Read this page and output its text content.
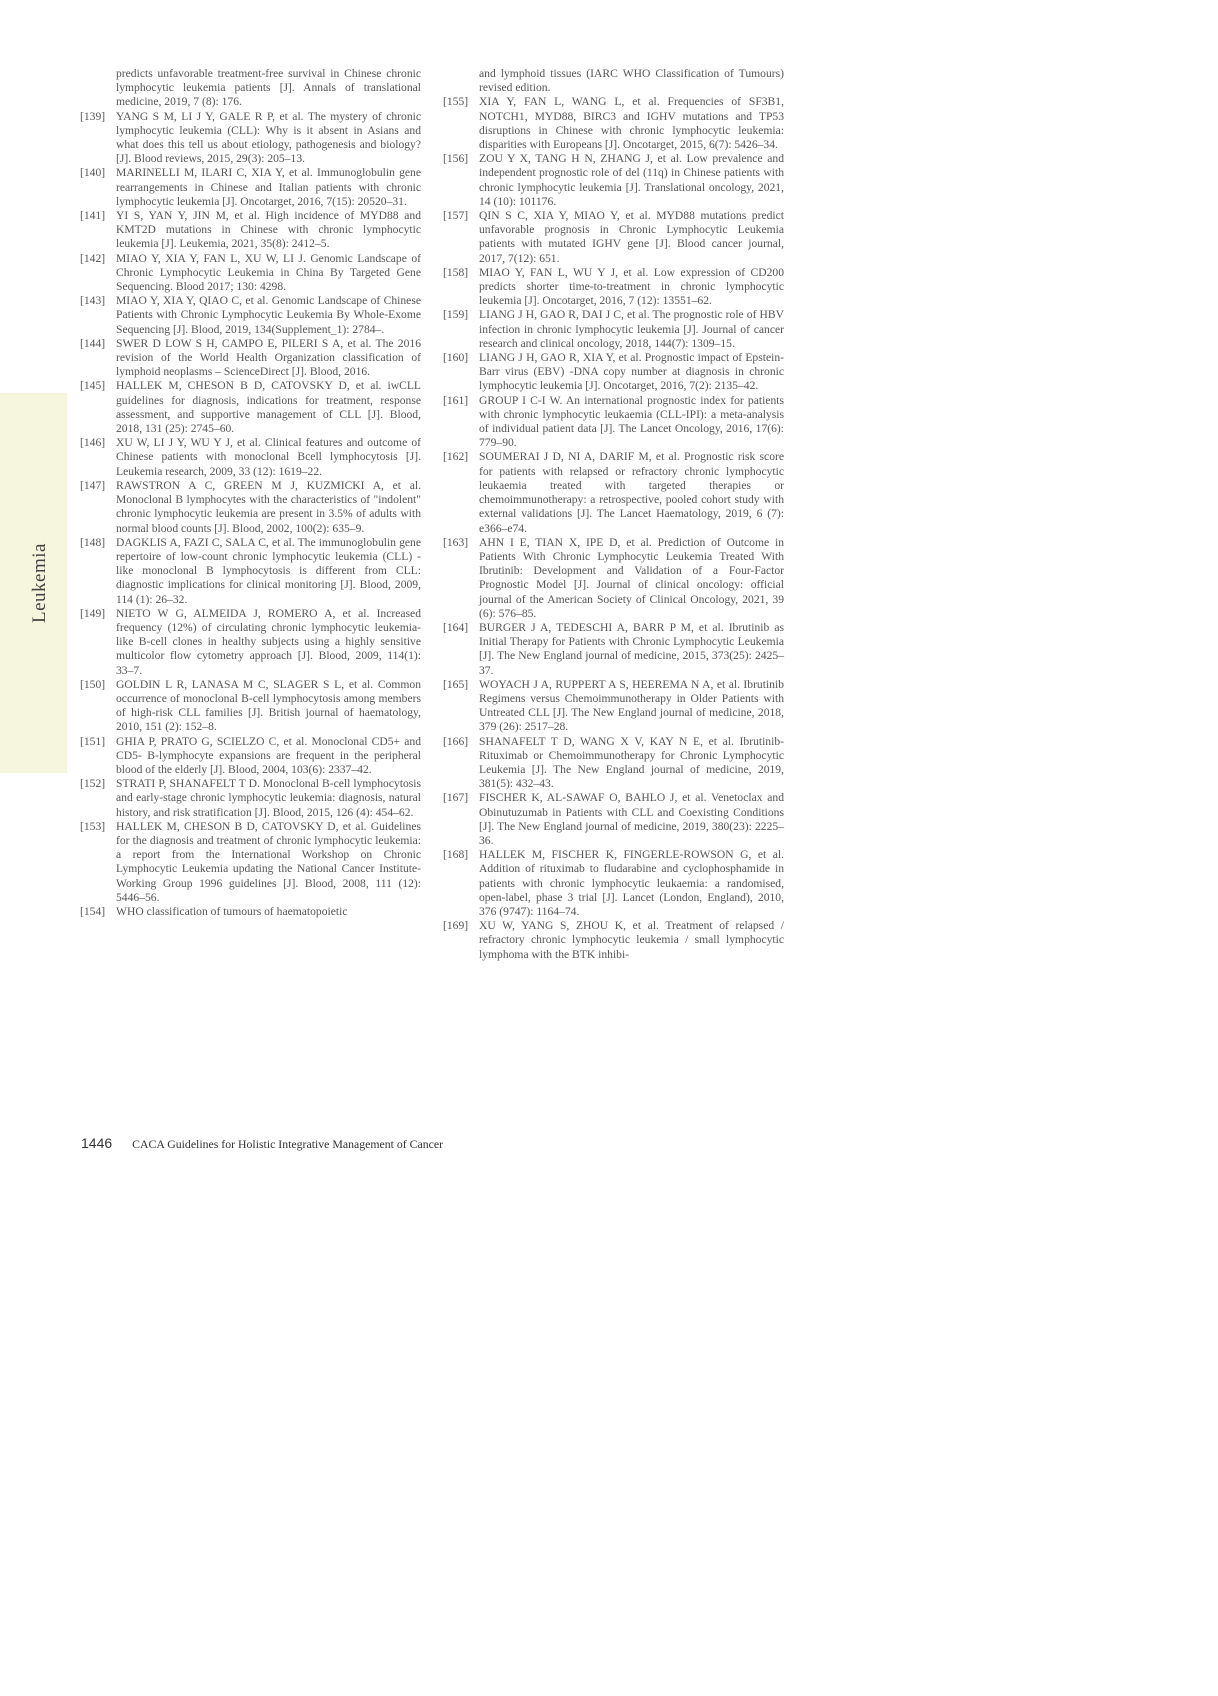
Leukemia
predicts unfavorable treatment-free survival in Chinese chronic lymphocytic leukemia patients [J]. Annals of translational medicine, 2019, 7 (8): 176.
[139] YANG S M, LI J Y, GALE R P, et al. The mystery of chronic lymphocytic leukemia (CLL): Why is it absent in Asians and what does this tell us about etiology, pathogenesis and biology? [J]. Blood reviews, 2015, 29(3): 205–13.
[140] MARINELLI M, ILARI C, XIA Y, et al. Immunoglobulin gene rearrangements in Chinese and Italian patients with chronic lymphocytic leukemia [J]. Oncotarget, 2016, 7(15): 20520–31.
[141] YI S, YAN Y, JIN M, et al. High incidence of MYD88 and KMT2D mutations in Chinese with chronic lymphocytic leukemia [J]. Leukemia, 2021, 35(8): 2412–5.
[142] MIAO Y, XIA Y, FAN L, XU W, LI J. Genomic Landscape of Chronic Lymphocytic Leukemia in China By Targeted Gene Sequencing. Blood 2017; 130: 4298.
[143] MIAO Y, XIA Y, QIAO C, et al. Genomic Landscape of Chinese Patients with Chronic Lymphocytic Leukemia By Whole-Exome Sequencing [J]. Blood, 2019, 134(Supplement_1): 2784–.
[144] SWER D LOW S H, CAMPO E, PILERI S A, et al. The 2016 revision of the World Health Organization classification of lymphoid neoplasms – ScienceDirect [J]. Blood, 2016.
[145] HALLEK M, CHESON B D, CATOVSKY D, et al. iwCLL guidelines for diagnosis, indications for treatment, response assessment, and supportive management of CLL [J]. Blood, 2018, 131 (25): 2745–60.
[146] XU W, LI J Y, WU Y J, et al. Clinical features and outcome of Chinese patients with monoclonal Bcell lymphocytosis [J]. Leukemia research, 2009, 33 (12): 1619–22.
[147] RAWSTRON A C, GREEN M J, KUZMICKI A, et al. Monoclonal B lymphocytes with the characteristics of "indolent" chronic lymphocytic leukemia are present in 3.5% of adults with normal blood counts [J]. Blood, 2002, 100(2): 635–9.
[148] DAGKLIS A, FAZI C, SALA C, et al. The immunoglobulin gene repertoire of low-count chronic lymphocytic leukemia (CLL) -like monoclonal B lymphocytosis is different from CLL: diagnostic implications for clinical monitoring [J]. Blood, 2009, 114 (1): 26–32.
[149] NIETO W G, ALMEIDA J, ROMERO A, et al. Increased frequency (12%) of circulating chronic lymphocytic leukemia-like B-cell clones in healthy subjects using a highly sensitive multicolor flow cytometry approach [J]. Blood, 2009, 114(1): 33–7.
[150] GOLDIN L R, LANASA M C, SLAGER S L, et al. Common occurrence of monoclonal B-cell lymphocytosis among members of high-risk CLL families [J]. British journal of haematology, 2010, 151 (2): 152–8.
[151] GHIA P, PRATO G, SCIELZO C, et al. Monoclonal CD5+ and CD5- B-lymphocyte expansions are frequent in the peripheral blood of the elderly [J]. Blood, 2004, 103(6): 2337–42.
[152] STRATI P, SHANAFELT T D. Monoclonal B-cell lymphocytosis and early-stage chronic lymphocytic leukemia: diagnosis, natural history, and risk stratification [J]. Blood, 2015, 126 (4): 454–62.
[153] HALLEK M, CHESON B D, CATOVSKY D, et al. Guidelines for the diagnosis and treatment of chronic lymphocytic leukemia: a report from the International Workshop on Chronic Lymphocytic Leukemia updating the National Cancer Institute-Working Group 1996 guidelines [J]. Blood, 2008, 111 (12): 5446–56.
[154] WHO classification of tumours of haematopoietic
and lymphoid tissues (IARC WHO Classification of Tumours) revised edition.
[155] XIA Y, FAN L, WANG L, et al. Frequencies of SF3B1, NOTCH1, MYD88, BIRC3 and IGHV mutations and TP53 disruptions in Chinese with chronic lymphocytic leukemia: disparities with Europeans [J]. Oncotarget, 2015, 6(7): 5426–34.
[156] ZOU Y X, TANG H N, ZHANG J, et al. Low prevalence and independent prognostic role of del (11q) in Chinese patients with chronic lymphocytic leukemia [J]. Translational oncology, 2021, 14 (10): 101176.
[157] QIN S C, XIA Y, MIAO Y, et al. MYD88 mutations predict unfavorable prognosis in Chronic Lymphocytic Leukemia patients with mutated IGHV gene [J]. Blood cancer journal, 2017, 7(12): 651.
[158] MIAO Y, FAN L, WU Y J, et al. Low expression of CD200 predicts shorter time-to-treatment in chronic lymphocytic leukemia [J]. Oncotarget, 2016, 7 (12): 13551–62.
[159] LIANG J H, GAO R, DAI J C, et al. The prognostic role of HBV infection in chronic lymphocytic leukemia [J]. Journal of cancer research and clinical oncology, 2018, 144(7): 1309–15.
[160] LIANG J H, GAO R, XIA Y, et al. Prognostic impact of Epstein-Barr virus (EBV) -DNA copy number at diagnosis in chronic lymphocytic leukemia [J]. Oncotarget, 2016, 7(2): 2135–42.
[161] GROUP I C-I W. An international prognostic index for patients with chronic lymphocytic leukaemia (CLL-IPI): a meta-analysis of individual patient data [J]. The Lancet Oncology, 2016, 17(6): 779–90.
[162] SOUMERAI J D, NI A, DARIF M, et al. Prognostic risk score for patients with relapsed or refractory chronic lymphocytic leukaemia treated with targeted therapies or chemoimmunotherapy: a retrospective, pooled cohort study with external validations [J]. The Lancet Haematology, 2019, 6 (7): e366–e74.
[163] AHN I E, TIAN X, IPE D, et al. Prediction of Outcome in Patients With Chronic Lymphocytic Leukemia Treated With Ibrutinib: Development and Validation of a Four-Factor Prognostic Model [J]. Journal of clinical oncology: official journal of the American Society of Clinical Oncology, 2021, 39 (6): 576–85.
[164] BURGER J A, TEDESCHI A, BARR P M, et al. Ibrutinib as Initial Therapy for Patients with Chronic Lymphocytic Leukemia [J]. The New England journal of medicine, 2015, 373(25): 2425–37.
[165] WOYACH J A, RUPPERT A S, HEEREMA N A, et al. Ibrutinib Regimens versus Chemoimmunotherapy in Older Patients with Untreated CLL [J]. The New England journal of medicine, 2018, 379 (26): 2517–28.
[166] SHANAFELT T D, WANG X V, KAY N E, et al. Ibrutinib-Rituximab or Chemoimmunotherapy for Chronic Lymphocytic Leukemia [J]. The New England journal of medicine, 2019, 381(5): 432–43.
[167] FISCHER K, AL-SAWAF O, BAHLO J, et al. Venetoclax and Obinutuzumab in Patients with CLL and Coexisting Conditions [J]. The New England journal of medicine, 2019, 380(23): 2225–36.
[168] HALLEK M, FISCHER K, FINGERLE-ROWSON G, et al. Addition of rituximab to fludarabine and cyclophosphamide in patients with chronic lymphocytic leukaemia: a randomised, open-label, phase 3 trial [J]. Lancet (London, England), 2010, 376 (9747): 1164–74.
[169] XU W, YANG S, ZHOU K, et al. Treatment of relapsed / refractory chronic lymphocytic leukemia / small lymphocytic lymphoma with the BTK inhibi-
1446 CACA Guidelines for Holistic Integrative Management of Cancer
